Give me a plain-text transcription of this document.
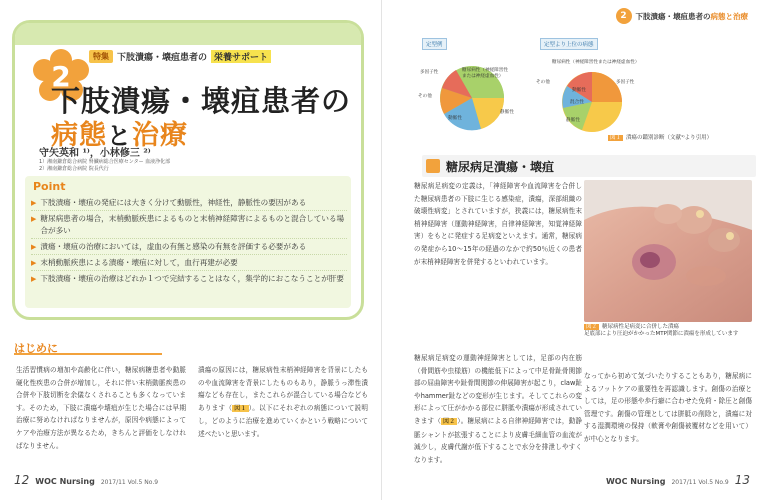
2
特集 下肢潰瘍・壊疽患者の 栄養サポート
下肢潰瘍・壊疽患者の
病態と治療
守矢英和 ¹⁾，小林修三 ²⁾
1）湘南鎌倉総合病院 腎臓病総合医療センター 血液浄化部
2）湘南鎌倉総合病院 院長代行
Point
▶ 下肢潰瘍・壊疽の発症には大きく分けて動脈性，神経性，静脈性の要因がある
▶ 糖尿病患者の場合，末梢動脈疾患によるものと末梢神経障害によるものと混合している場合が多い
▶ 潰瘍・壊疽の治療においては，虚血の有無と感染の有無を評価する必要がある
▶ 末梢動脈疾患による潰瘍・壊疽に対して，血行再建が必要
▶ 下肢潰瘍・壊疽の治療はどれか１つで完結することはなく，集学的におこなうことが肝要
はじめに
生活習慣病の増加や高齢化に伴い，糖尿病糖患者や動脈硬化性疾患の合併が増加し，それに伴い末梢動脈疾患の合併や下肢切断を余儀なくされることも多くなっています。そのため，下肢に潰瘍や壊疽が生じた場合には早期治療に努めなければなりませんが，原因や病態によってケアや治療方法が異なるため，きちんと評価をしなければなりません。
潰瘍の原因には，糖尿病性末梢神経障害を背景にしたものや血流障害を背景にしたものもあり，静脈うっ滞性潰瘍なども存在し，またこれらが混合している場合などもあります（ 図１ ）。以下にそれぞれの病態について説明し，どのように治療を進めていくかという戦略について述べたいと思います。
12 WOC Nursing 2017/11 Vol.5 No.9
2	下肢潰瘍・壊疽患者の病態と治療
定型例
糖尿病性（神経障害性または神経虚血性）
多因子性
その他
動脈性
静脈性
定型より上位の病態
糖尿病性（神経障害性または神経虚血性）
その他	多因子性
動脈性
混合性
静脈性
図１ 潰瘍の鑑別診断（文献¹⁾より引用）
糖尿病足潰瘍・壊疽
糖尿病足病変の定義は，「神経障害や血流障害を合併した糖尿病患者の下肢に生じる感染症，潰瘍，深部組織の破壊性病変」とされていますが，狭義には，糖尿病性末梢神経障害（運動神経障害，自律神経障害，知覚神経障害）をもとに発症する足病変といえます。通常，糖尿病の発症から10〜15年の経過のなかで約50％近くの患者が末梢神経障害を併発するといわれています。
糖尿病足病変の運動神経障害としては，足部の内在筋（骨間筋や虫様筋）の機能低下によって中足骨趾骨関節部の屈曲障害や趾骨間関節の伸展障害が起こり，claw趾やhammer趾などの変形が生じます。そしてこれらの変形によって圧がかかる部位に胼胝や潰瘍が形成されていきます（ 図２ ）。糖尿病による自律神経障害では，動静脈シャントが拡張することにより皮膚毛細血管の血流が減少し，皮膚代謝が低下することで水分を排泄しやすくなります。
図２ 糖尿病性足病変に合併した潰瘍
足底部により圧迫がかかったMTP関節に潰瘍を形成しています
なってから初めて気づいたりすることもあり，糖尿病によるフットケアの重要性を再認識します。創傷の治療としては，足の形態や歩行癖に合わせた免荷・除圧と創傷管理です。創傷の管理としては胼胝の削除と，潰瘍に対する湿潤環境の保持（軟膏や創傷被覆材などを用いて）が中心となります。
WOC Nursing 2017/11 Vol.5 No.9 13
